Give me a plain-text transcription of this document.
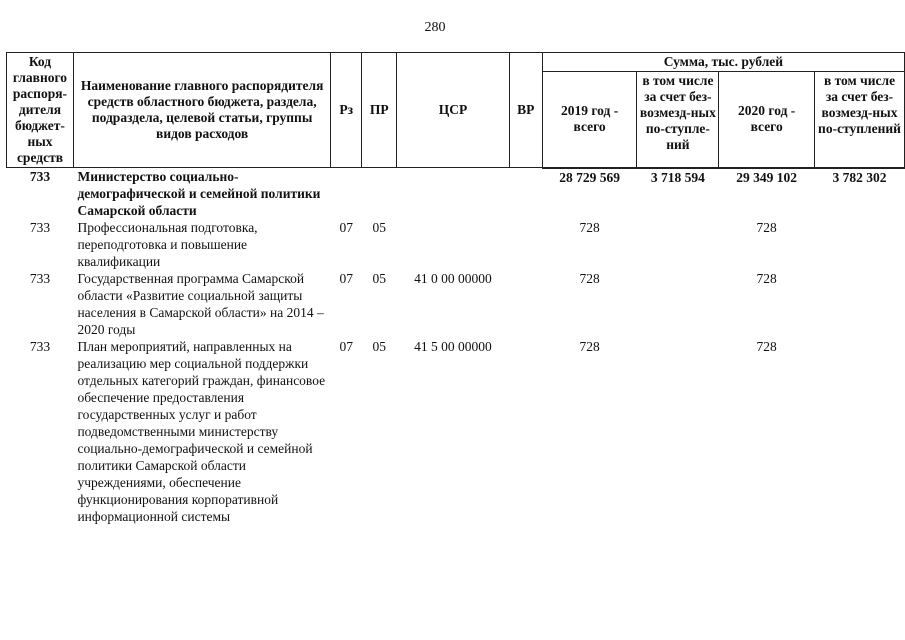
280
Код главного распоря-дителя бюджет-ных средств	Наименование главного распорядителя средств областного бюджета, раздела, подраздела, целевой статьи, группы видов расходов	Рз	ПР	ЦСР	ВР	Сумма, тыс. рублей			
						2019 год - всего	в том числе за счет без-возмезд-ных по-ступле-ний	2020 год - всего	в том числе за счет без-возмезд-ных по-ступлений
733	Министерство социально-демографической и семейной политики Самарской области					28 729 569	3 718 594	29 349 102	3 782 302
733	Профессиональная подготовка, переподготовка и повышение квалификации	07	05			728		728	
733	Государственная программа Самарской области «Развитие социальной защиты населения в Самарской области» на 2014 – 2020 годы	07	05	41 0 00 00000		728		728	
733	План мероприятий, направленных на реализацию мер социальной поддержки отдельных категорий граждан, финансовое обеспечение предоставления государственных услуг и работ подведомственными министерству социально-демографической и семейной политики Самарской области учреждениями, обеспечение функционирования корпоративной информационной системы	07	05	41 5 00 00000		728		728	
